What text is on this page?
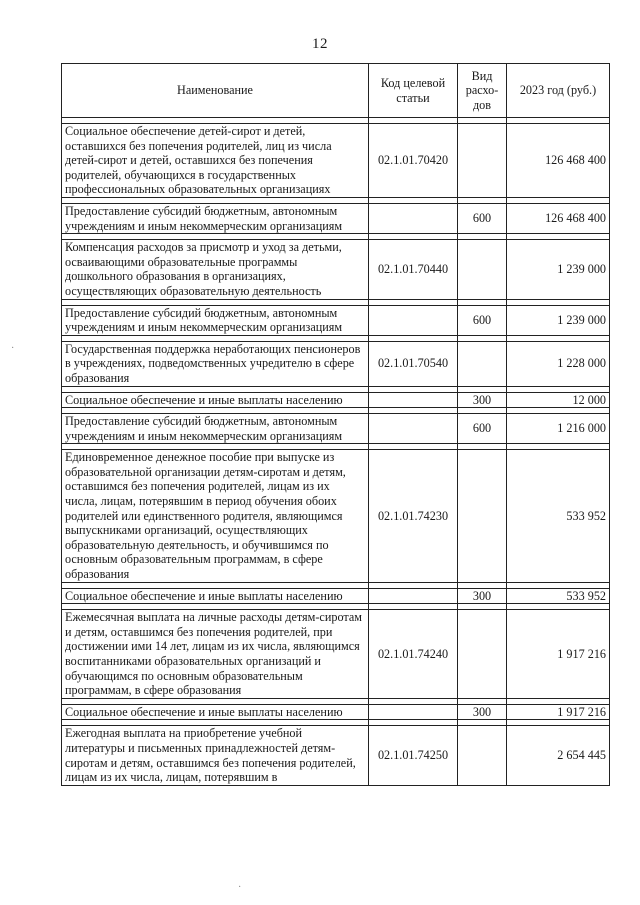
12
Наименование	Код целевой статьи	Вид расхо-дов	2023 год (руб.)

Социальное обеспечение детей-сирот и детей, оставшихся без попечения родителей, лиц из числа детей-сирот и детей, оставшихся без попечения родителей, обучающихся в государственных профессиональных образовательных организациях	02.1.01.70420		126 468 400

Предоставление субсидий бюджетным, автономным учреждениям и иным некоммерческим организациям		600	126 468 400

Компенсация расходов за присмотр и уход за детьми, осваивающими образовательные программы дошкольного образования в организациях, осуществляющих образовательную деятельность	02.1.01.70440		1 239 000

Предоставление субсидий бюджетным, автономным учреждениям и иным некоммерческим организациям		600	1 239 000

Государственная поддержка неработающих пенсионеров в учреждениях, подведомственных учредителю в сфере образования	02.1.01.70540		1 228 000

Социальное обеспечение и иные выплаты населению		300	12 000

Предоставление субсидий бюджетным, автономным учреждениям и иным некоммерческим организациям		600	1 216 000

Единовременное денежное пособие при выпуске из образовательной организации детям-сиротам и детям, оставшимся без попечения родителей, лицам из их числа, лицам, потерявшим в период обучения обоих родителей или единственного родителя, являющимся выпускниками организаций, осуществляющих образовательную деятельность, и обучившимся по основным образовательным программам, в сфере образования	02.1.01.74230		533 952

Социальное обеспечение и иные выплаты населению		300	533 952

Ежемесячная выплата на личные расходы детям-сиротам и детям, оставшимся без попечения родителей, при достижении ими 14 лет, лицам из их числа, являющимся воспитанниками образовательных организаций и обучающимся по основным образовательным программам, в сфере образования	02.1.01.74240		1 917 216

Социальное обеспечение и иные выплаты населению		300	1 917 216

Ежегодная выплата на приобретение учебной литературы и письменных принадлежностей детям-сиротам и детям, оставшимся без попечения родителей, лицам из их числа, лицам, потерявшим в	02.1.01.74250		2 654 445
·
·
